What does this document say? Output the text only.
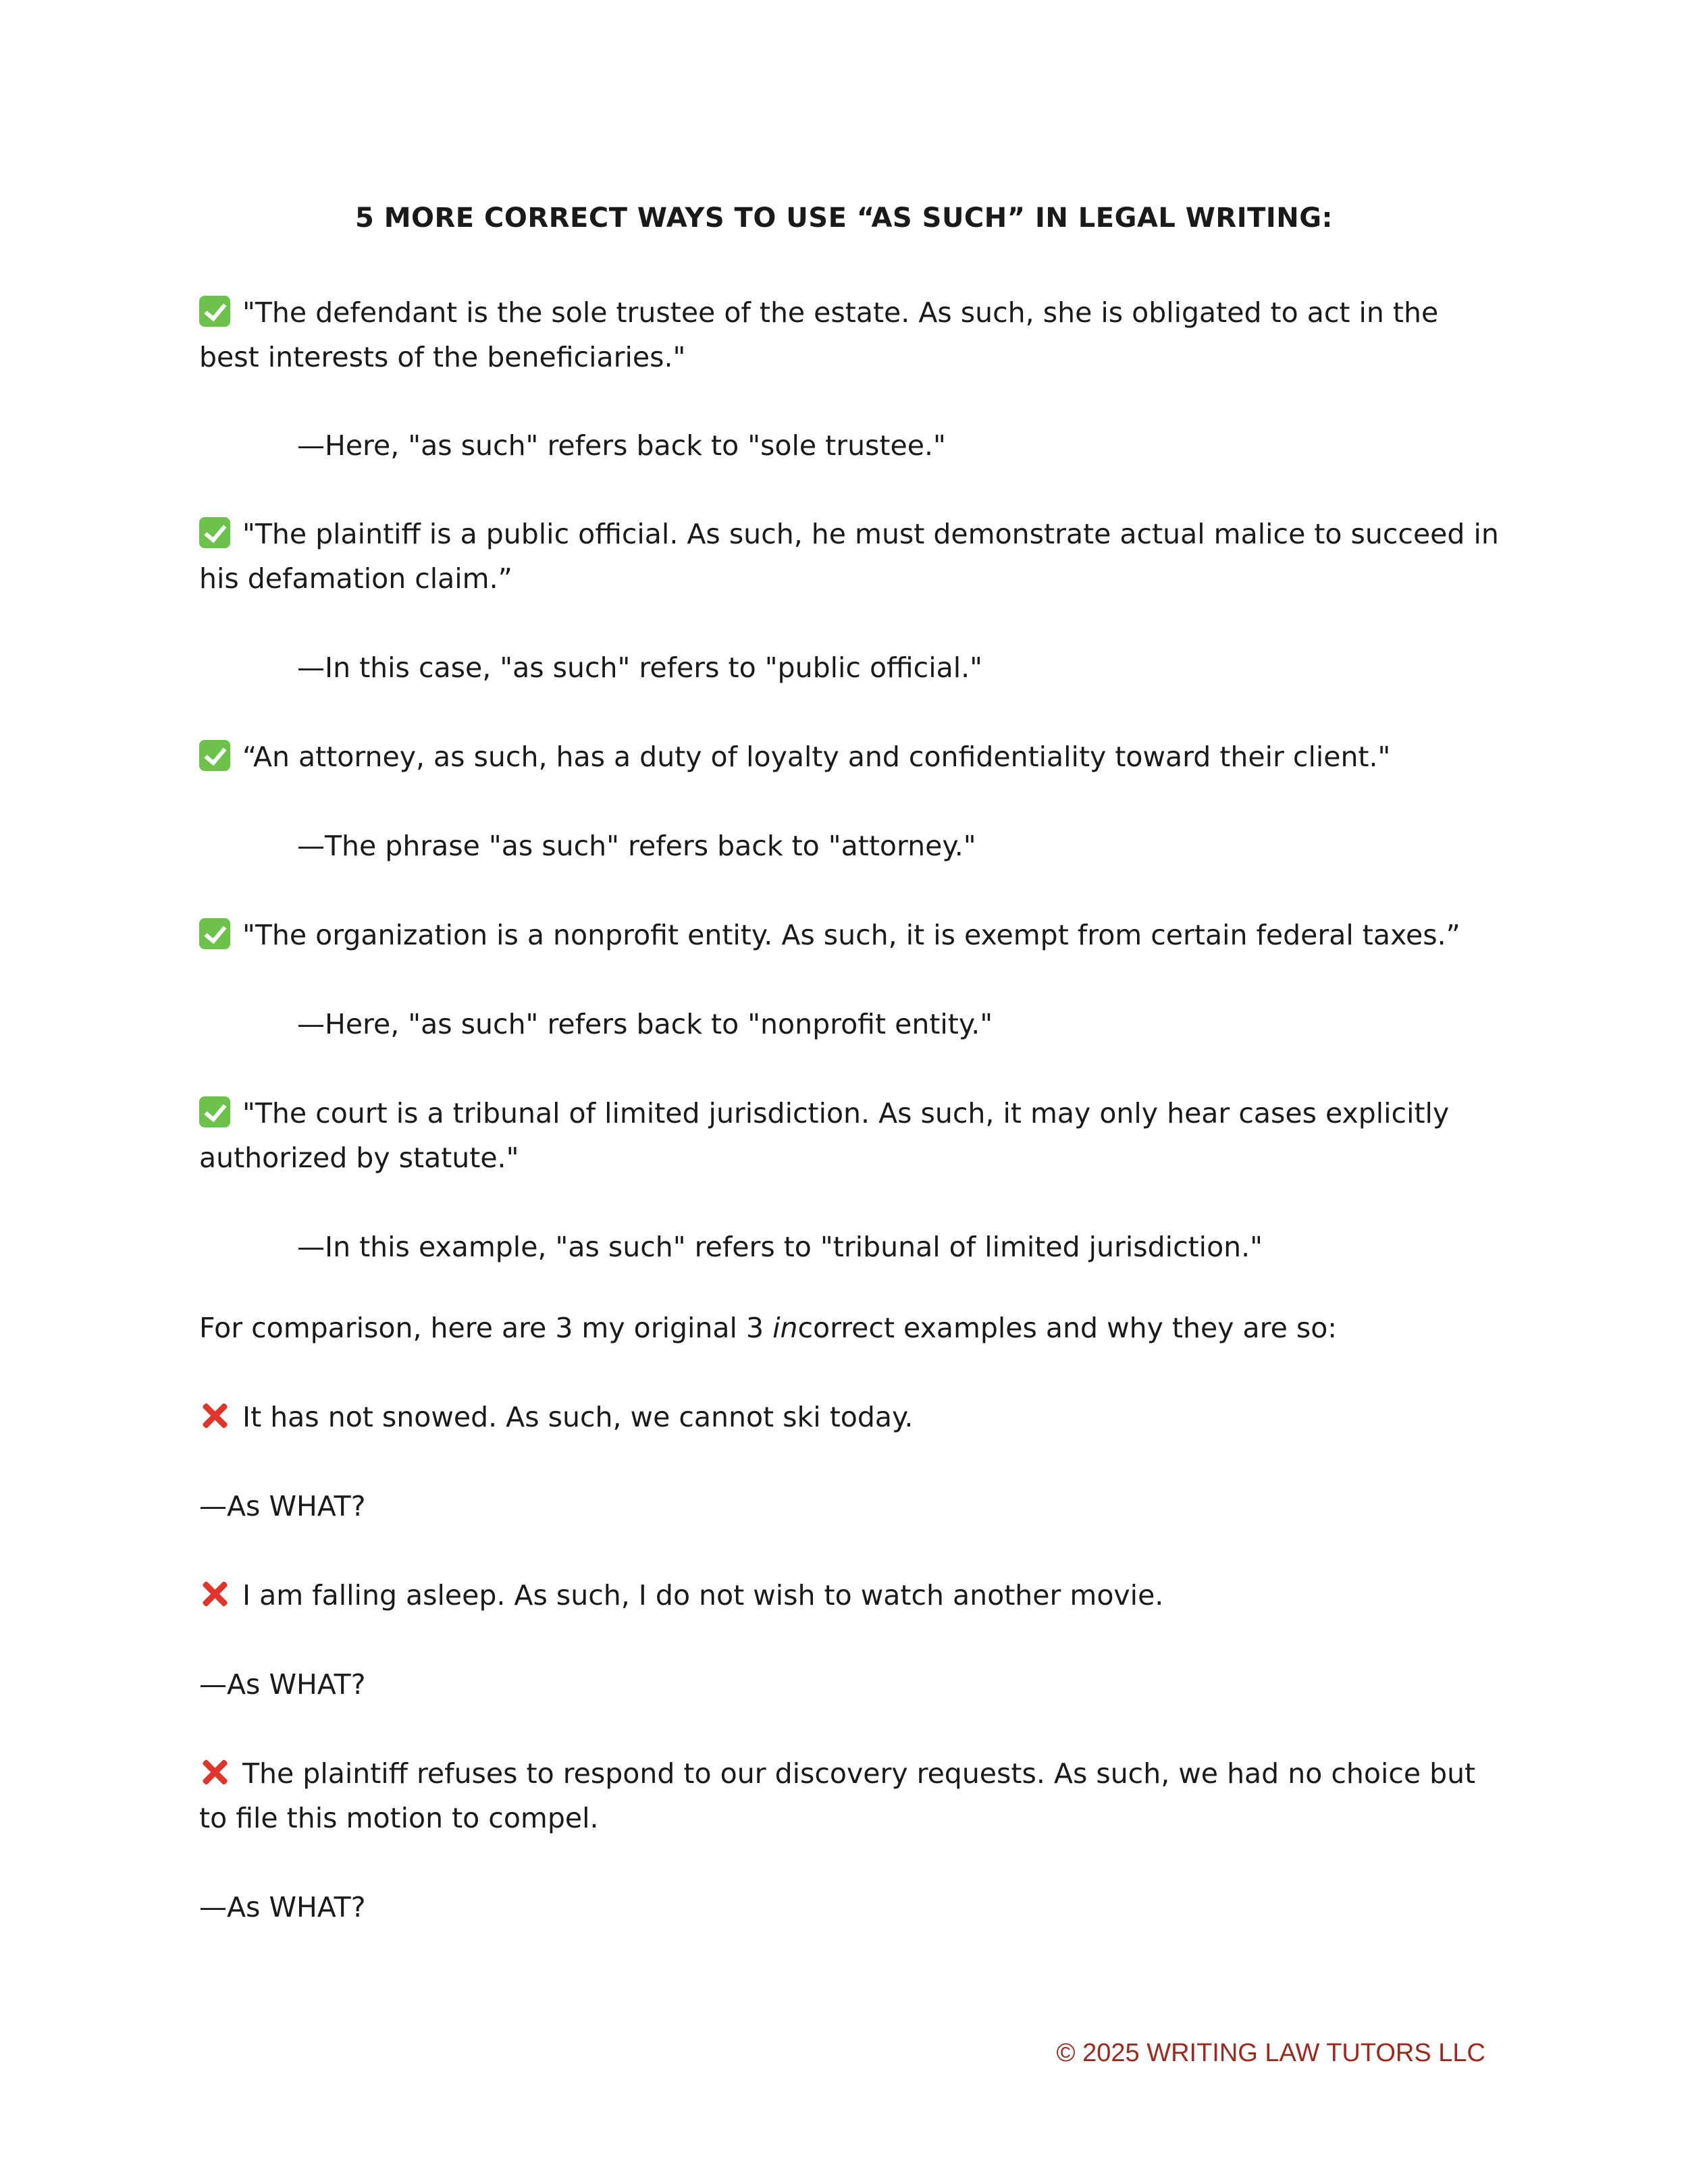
5 MORE CORRECT WAYS TO USE “AS SUCH” IN LEGAL WRITING:
"The defendant is the sole trustee of the estate. As such, she is obligated to act in the best interests of the beneficiaries."
—Here, "as such" refers back to "sole trustee."
"The plaintiff is a public official. As such, he must demonstrate actual malice to succeed in his defamation claim.”
—In this case, "as such" refers to "public official."
“An attorney, as such, has a duty of loyalty and confidentiality toward their client."
—The phrase "as such" refers back to "attorney."
"The organization is a nonprofit entity. As such, it is exempt from certain federal taxes.”
—Here, "as such" refers back to "nonprofit entity."
"The court is a tribunal of limited jurisdiction. As such, it may only hear cases explicitly authorized by statute."
—In this example, "as such" refers to "tribunal of limited jurisdiction."
For comparison, here are 3 my original 3 incorrect examples and why they are so:
It has not snowed. As such, we cannot ski today.
—As WHAT?
I am falling asleep. As such, I do not wish to watch another movie.
—As WHAT?
The plaintiff refuses to respond to our discovery requests. As such, we had no choice but to file this motion to compel.
—As WHAT?
© 2025 WRITING LAW TUTORS LLC
